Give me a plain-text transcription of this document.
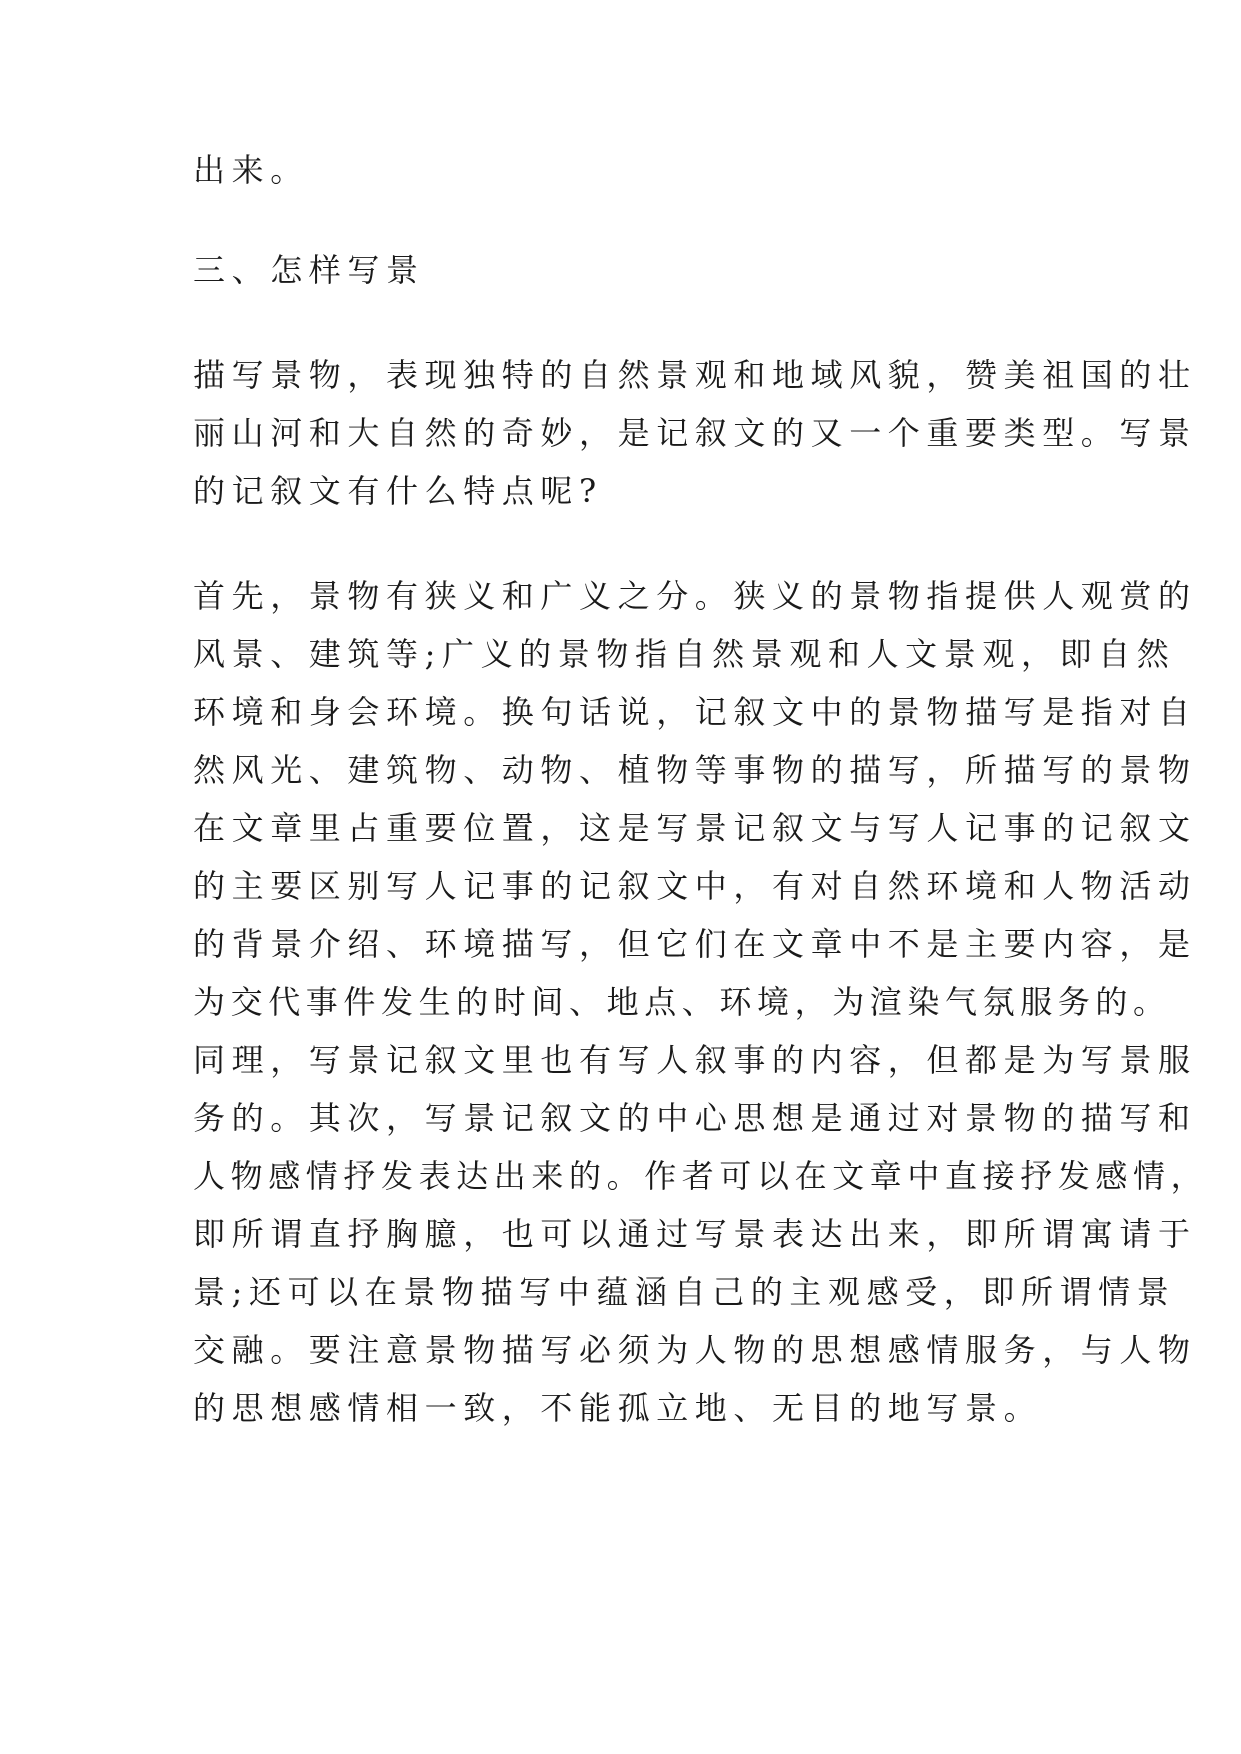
出来。

三、怎样写景

描写景物，表现独特的自然景观和地域风貌，赞美祖国的壮

丽山河和大自然的奇妙，是记叙文的又一个重要类型。写景

的记叙文有什么特点呢?

首先，景物有狭义和广义之分。狭义的景物指提供人观赏的

风景、建筑等;广义的景物指自然景观和人文景观，即自然

环境和身会环境。换句话说，记叙文中的景物描写是指对自

然风光、建筑物、动物、植物等事物的描写，所描写的景物

在文章里占重要位置，这是写景记叙文与写人记事的记叙文

的主要区别写人记事的记叙文中，有对自然环境和人物活动

的背景介绍、环境描写，但它们在文章中不是主要内容，是

为交代事件发生的时间、地点、环境，为渲染气氛服务的。

同理，写景记叙文里也有写人叙事的内容，但都是为写景服

务的。其次，写景记叙文的中心思想是通过对景物的描写和

人物感情抒发表达出来的。作者可以在文章中直接抒发感情，

即所谓直抒胸臆，也可以通过写景表达出来，即所谓寓请于

景;还可以在景物描写中蕴涵自己的主观感受，即所谓情景

交融。要注意景物描写必须为人物的思想感情服务，与人物

的思想感情相一致，不能孤立地、无目的地写景。
